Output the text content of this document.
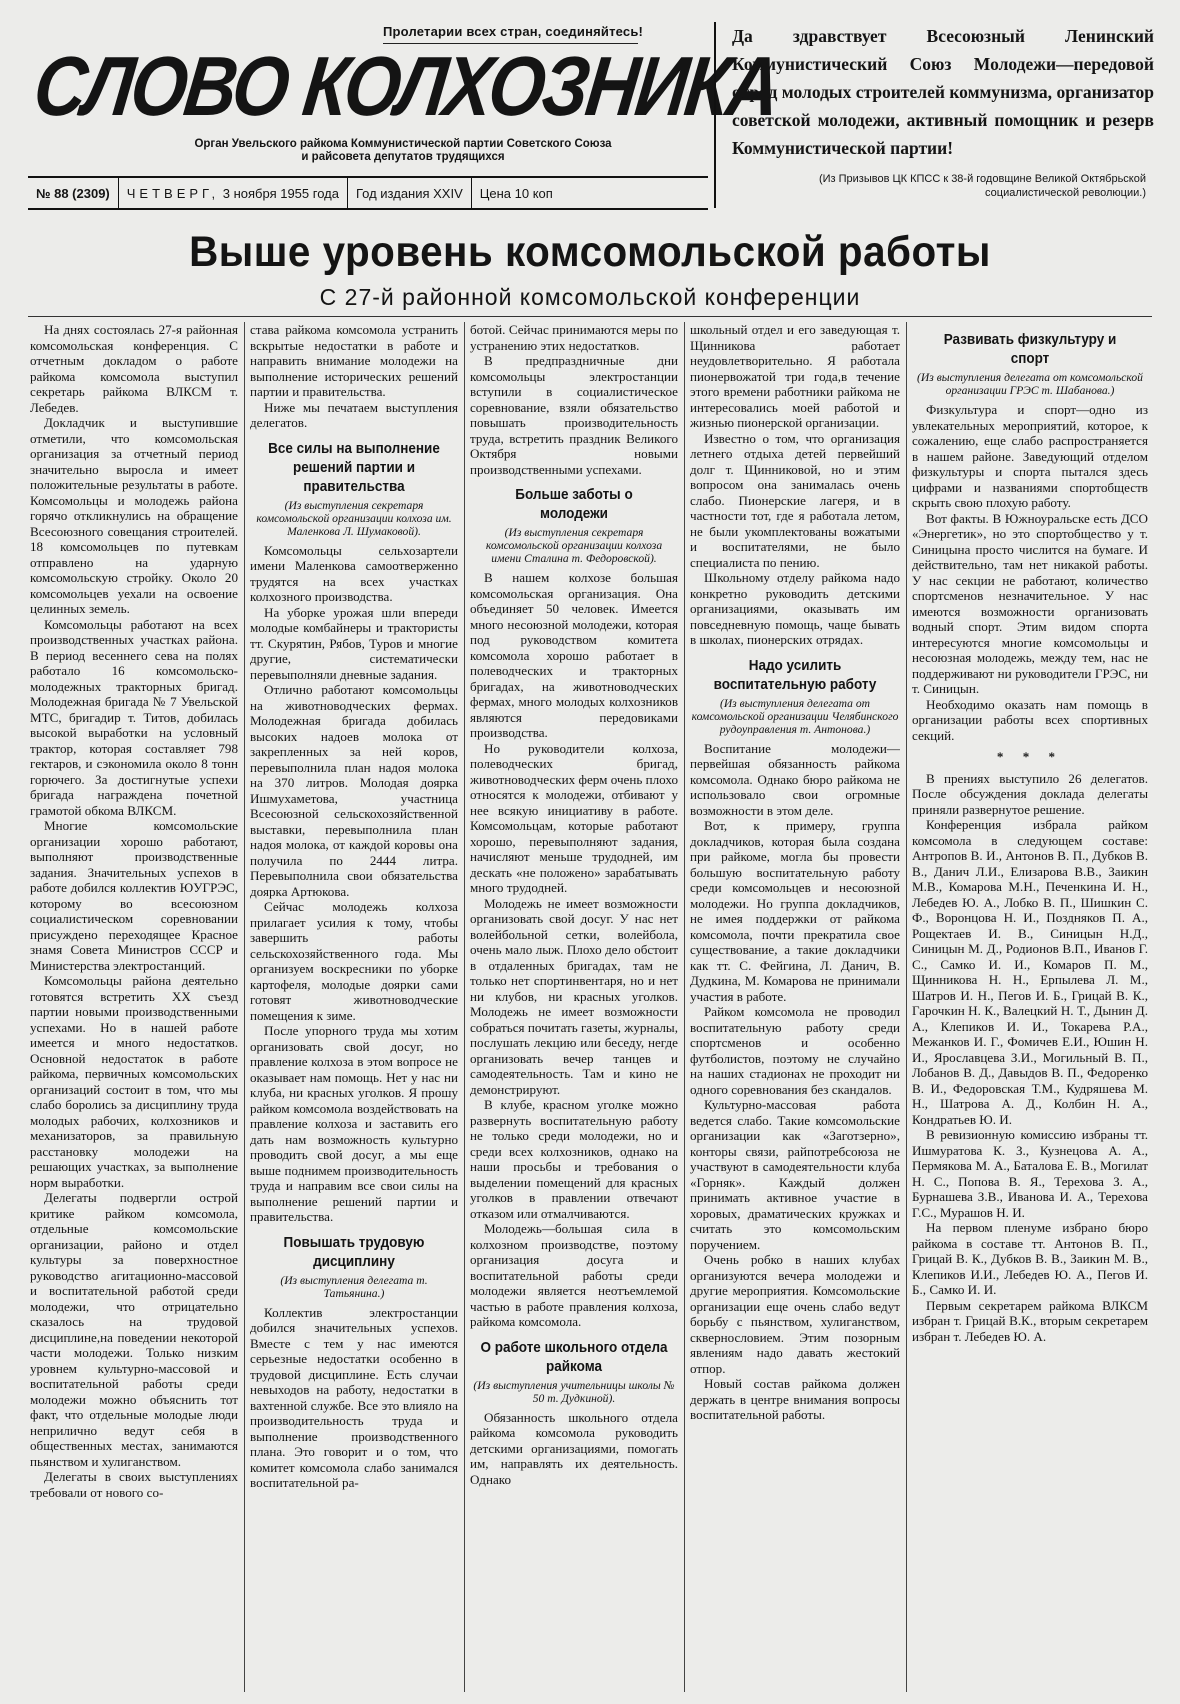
Пролетарии всех стран, соединяйтесь!
СЛОВО КОЛХОЗНИКА
Орган Увельского райкома Коммунистической партии Советского Союза
и райсовета депутатов трудящихся
№ 88 (2309)	ЧЕТВЕРГ,
3 ноября 1955 года	Год издания XXIV	Цена 10 коп
Да здравствует Всесоюзный Ленинский Коммунистический Союз Молодежи—передовой отряд молодых строителей коммунизма, организатор советской молодежи, активный помощник и резерв Коммунистической партии!
(Из Призывов ЦК КПСС к 38-й годовщине Великой Октябрьской социалистической революции.)
Выше уровень комсомольской работы
С 27-й районной комсомольской конференции

На днях состоялась 27-я районная комсомольская конференция. С отчетным докладом о работе райкома комсомола выступил секретарь райкома ВЛКСМ т. Лебедев.

Докладчик и выступившие отметили, что комсомольская организация за отчетный период значительно выросла и имеет положительные результаты в работе. Комсомольцы и молодежь района горячо откликнулись на обращение Всесоюзного совещания строителей. 18 комсомольцев по путевкам отправлено на ударную комсомольскую стройку. Около 20 комсомольцев уехали на освоение целинных земель.

Комсомольцы работают на всех производственных участках района. В период весеннего сева на полях работало 16 комсомольско-молодежных тракторных бригад. Молодежная бригада № 7 Увельской МТС, бригадир т. Титов, добилась высокой выработки на условный трактор, которая составляет 798 гектаров, и сэкономила около 8 тонн горючего. За достигнутые успехи бригада награждена почетной грамотой обкома ВЛКСМ.

Многие комсомольские организации хорошо работают, выполняют производственные задания. Значительных успехов в работе добился коллектив ЮУГРЭС, которому во всесоюзном социалистическом соревновании присуждено переходящее Красное знамя Совета Министров СССР и Министерства электростанций.

Комсомольцы района деятельно готовятся встретить XX съезд партии новыми производственными успехами. Но в нашей работе имеется и много недостатков. Основной недостаток в работе райкома, первичных комсомольских организаций состоит в том, что мы слабо боролись за дисциплину труда молодых рабочих, колхозников и механизаторов, за правильную расстановку молодежи на решающих участках, за выполнение норм выработки.

Делегаты подвергли острой критике райком комсомола, отдельные комсомольские организации, районо и отдел культуры за поверхностное руководство агитационно-массовой и воспитательной работой среди молодежи, что отрицательно сказалось на трудовой дисциплине,на поведении некоторой части молодежи. Только низким уровнем культурно-массовой и воспитательной работы среди молодежи можно объяснить тот факт, что отдельные молодые люди неприлично ведут себя в общественных местах, занимаются пьянством и хулиганством.

Делегаты в своих выступлениях требовали от нового со-

става райкома комсомола устранить вскрытые недостатки в работе и направить внимание молодежи на выполнение исторических решений партии и правительства.

Ниже мы печатаем выступления делегатов.

Все силы на выполнение решений партии и правительства
(Из выступления секретаря комсомольской организации колхоза им. Маленкова Л. Шумаковой).

Комсомольцы сельхозартели имени Маленкова самоотверженно трудятся на всех участках колхозного производства.

На уборке урожая шли впереди молодые комбайнеры и трактористы тт. Скурятин, Рябов, Туров и многие другие, систематически перевыполняли дневные задания.

Отлично работают комсомольцы на животноводческих фермах. Молодежная бригада добилась высоких надоев молока от закрепленных за ней коров, перевыполнила план надоя молока на 370 литров. Молодая доярка Ишмухаметова, участница Всесоюзной сельскохозяйственной выставки, перевыполнила план надоя молока, от каждой коровы она получила по 2444 литра. Перевыполнила свои обязательства доярка Артюкова.

Сейчас молодежь колхоза прилагает усилия к тому, чтобы завершить работы сельскохозяйственного года. Мы организуем воскресники по уборке картофеля, молодые доярки сами готовят животноводческие помещения к зиме.

После упорного труда мы хотим организовать свой досуг, но правление колхоза в этом вопросе не оказывает нам помощь. Нет у нас ни клуба, ни красных уголков. Я прошу райком комсомола воздействовать на правление колхоза и заставить его дать нам возможность культурно проводить свой досуг, а мы еще выше поднимем производительность труда и направим все свои силы на выполнение решений партии и правительства.

Повышать трудовую дисциплину
(Из выступления делегата т. Татьянина.)

Коллектив электростанции добился значительных успехов. Вместе с тем у нас имеются серьезные недостатки особенно в трудовой дисциплине. Есть случаи невыходов на работу, недостатки в вахтенной службе. Все это влияло на производительность труда и выполнение производственного плана. Это говорит и о том, что комитет комсомола слабо занимался воспитательной ра-

ботой. Сейчас принимаются меры по устранению этих недостатков.

В предпраздничные дни комсомольцы электростанции вступили в социалистическое соревнование, взяли обязательство повышать производительность труда, встретить праздник Великого Октября новыми производственными успехами.

Больше заботы о молодежи
(Из выступления секретаря комсомольской организации колхоза имени Сталина т. Федоровской).

В нашем колхозе большая комсомольская организация. Она объединяет 50 человек. Имеется много несоюзной молодежи, которая под руководством комитета комсомола хорошо работает в полеводческих и тракторных бригадах, на животноводческих фермах, много молодых колхозников являются передовиками производства.

Но руководители колхоза, полеводческих бригад, животноводческих ферм очень плохо относятся к молодежи, отбивают у нее всякую инициативу в работе. Комсомольцам, которые работают хорошо, перевыполняют задания, начисляют меньше трудодней, им дескать «не положено» зарабатывать много трудодней.

Молодежь не имеет возможности организовать свой досуг. У нас нет волейбольной сетки, волейбола, очень мало лыж. Плохо дело обстоит в отдаленных бригадах, там не только нет спортинвентаря, но и нет ни клубов, ни красных уголков. Молодежь не имеет возможности собраться почитать газеты, журналы, послушать лекцию или беседу, негде организовать вечер танцев и самодеятельность. Там и кино не демонстрируют.

В клубе, красном уголке можно развернуть воспитательную работу не только среди молодежи, но и среди всех колхозников, однако на наши просьбы и требования о выделении помещений для красных уголков в правлении отвечают отказом или отмалчиваются.

Молодежь—большая сила в колхозном производстве, поэтому организация досуга и воспитательной работы среди молодежи является неотъемлемой частью в работе правления колхоза, райкома комсомола.

О работе школьного отдела райкома
(Из выступления учительницы школы № 50 т. Дудкиной).

Обязанность школьного отдела райкома комсомола руководить детскими организациями, помогать им, направлять их деятельность. Однако

школьный отдел и его заведующая т. Щинникова работает неудовлетворительно. Я работала пионервожатой три года,в течение этого времени работники райкома не интересовались моей работой и жизнью пионерской организации.

Известно о том, что организация летнего отдыха детей первейший долг т. Щинниковой, но и этим вопросом она занималась очень слабо. Пионерские лагеря, и в частности тот, где я работала летом, не были укомплектованы вожатыми и воспитателями, не было специалиста по пению.

Школьному отделу райкома надо конкретно руководить детскими организациями, оказывать им повседневную помощь, чаще бывать в школах, пионерских отрядах.

Надо усилить воспитательную работу
(Из выступления делегата от комсомольской организации Челябинского рудоуправления т. Антонова.)

Воспитание молодежи—первейшая обязанность райкома комсомола. Однако бюро райкома не использовало свои огромные возможности в этом деле.

Вот, к примеру, группа докладчиков, которая была создана при райкоме, могла бы провести большую воспитательную работу среди комсомольцев и несоюзной молодежи. Но группа докладчиков, не имея поддержки от райкома комсомола, почти прекратила свое существование, а такие докладчики как тт. С. Фейгина, Л. Данич, В. Дудкина, М. Комарова не принимали участия в работе.

Райком комсомола не проводил воспитательную работу среди спортсменов и особенно футболистов, поэтому не случайно на наших стадионах не проходит ни одного соревнования без скандалов.

Культурно-массовая работа ведется слабо. Такие комсомольские организации как «Заготзерно», конторы связи, райпотребсоюза не участвуют в самодеятельности клуба «Горняк». Каждый должен принимать активное участие в хоровых, драматических кружках и считать это комсомольским поручением.

Очень робко в наших клубах организуются вечера молодежи и другие мероприятия. Комсомольские организации еще очень слабо ведут борьбу с пьянством, хулиганством, сквернословием. Этим позорным явлениям надо давать жестокий отпор.

Новый состав райкома должен держать в центре внимания вопросы воспитательной работы.

Развивать физкультуру и спорт
(Из выступления делегата от комсомольской организации ГРЭС т. Шабанова.)

Физкультура и спорт—одно из увлекательных мероприятий, которое, к сожалению, еще слабо распространяется в нашем районе. Заведующий отделом физкультуры и спорта пытался здесь цифрами и названиями спортобществ скрыть свою плохую работу.

Вот факты. В Южноуральске есть ДСО «Энергетик», но это спортобщество у т. Синицына просто числится на бумаге. И действительно, там нет никакой работы. У нас секции не работают, количество спортсменов незначительное. У нас имеются возможности организовать водный спорт. Этим видом спорта интересуются многие комсомольцы и несоюзная молодежь, между тем, нас не поддерживают ни руководители ГРЭС, ни т. Синицын.

Необходимо оказать нам помощь в организации работы всех спортивных секций.

* * *

В прениях выступило 26 делегатов. После обсуждения доклада делегаты приняли развернутое решение.

Конференция избрала райком комсомола в следующем составе: Антропов В. И., Антонов В. П., Дубков В. В., Данич Л.И., Елизарова В.В., Заикин М.В., Комарова М.Н., Печенкина И. Н., Лебедев Ю. А., Лобко В. П., Шишкин С. Ф., Воронцова Н. И., Поздняков П. А., Рощектаев И. В., Синицын Н.Д., Синицын М. Д., Родионов В.П., Иванов Г. С., Самко И. И., Комаров П. М., Щинникова Н. Н., Ерпылева Л. М., Шатров И. Н., Пегов И. Б., Грицай В. К., Гарочкин Н. К., Валецкий Н. Т., Дынин Д. А., Клепиков И. И., Токарева Р.А., Межанков И. Г., Фомичев Е.И., Юшин Н. И., Ярославцева З.И., Могильный В. П., Лобанов В. Д., Давыдов В. П., Федоренко В. И., Федоровская Т.М., Кудряшева М. Н., Шатрова А. Д., Колбин Н. А., Кондратьев Ю. И.

В ревизионную комиссию избраны тт. Ишмуратова К. З., Кузнецова А. А., Пермякова М. А., Баталова Е. В., Могилат Н. С., Попова В. Я., Терехова З. А., Бурнашева З.В., Иванова И. А., Терехова Г.С., Мурашов Н. И.

На первом пленуме избрано бюро райкома в составе тт. Антонов В. П., Грицай В. К., Дубков В. В., Заикин М. В., Клепиков И.И., Лебедев Ю. А., Пегов И. Б., Самко И. И.

Первым секретарем райкома ВЛКСМ избран т. Грицай В.К., вторым секретарем избран т. Лебедев Ю. А.
